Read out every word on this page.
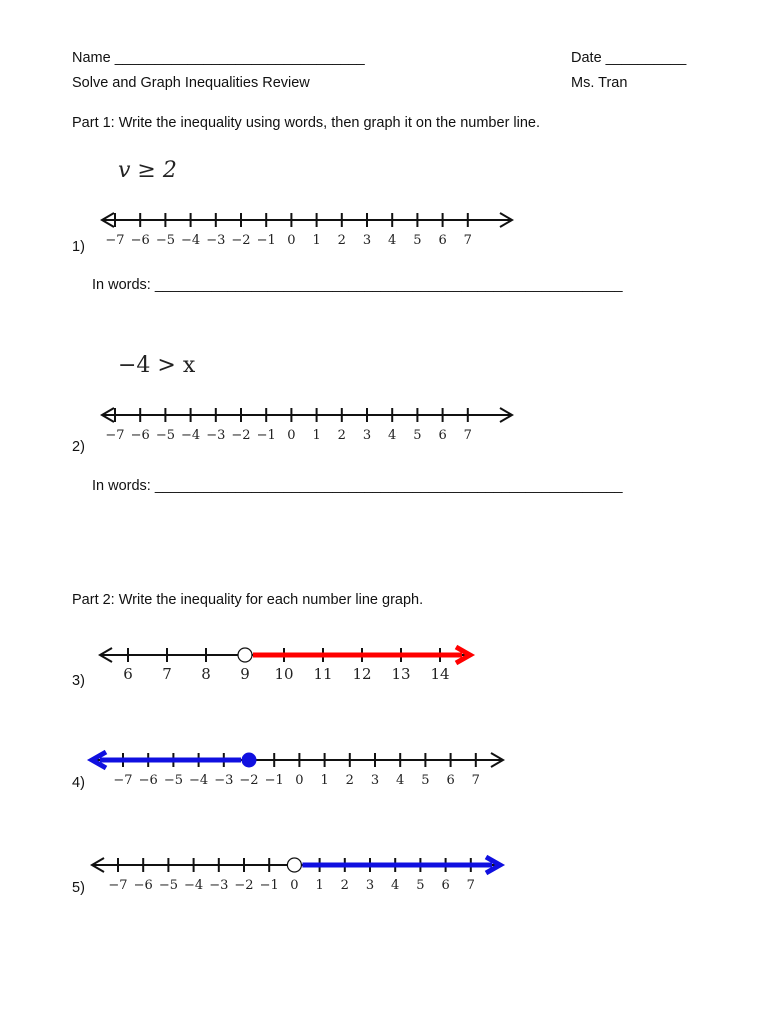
Name _______________________________	Date __________
Solve and Graph Inequalities Review	Ms. Tran
Part 1: Write the inequality using words, then graph it on the number line.
v ≥ 2
−7 −6 −5 −4 −3 −2 −1 0 1 2 3 4 5 6 7
1)
In words: __________________________________________________________
−4 > x
−7 −6 −5 −4 −3 −2 −1 0 1 2 3 4 5 6 7
2)
In words: __________________________________________________________
Part 2: Write the inequality for each number line graph.
6 7 8 9 10 11 12 13 14
3)
−7 −6 −5 −4 −3 −2 −1 0 1 2 3 4 5 6 7
4)
−7 −6 −5 −4 −3 −2 −1 0 1 2 3 4 5 6 7
5)
